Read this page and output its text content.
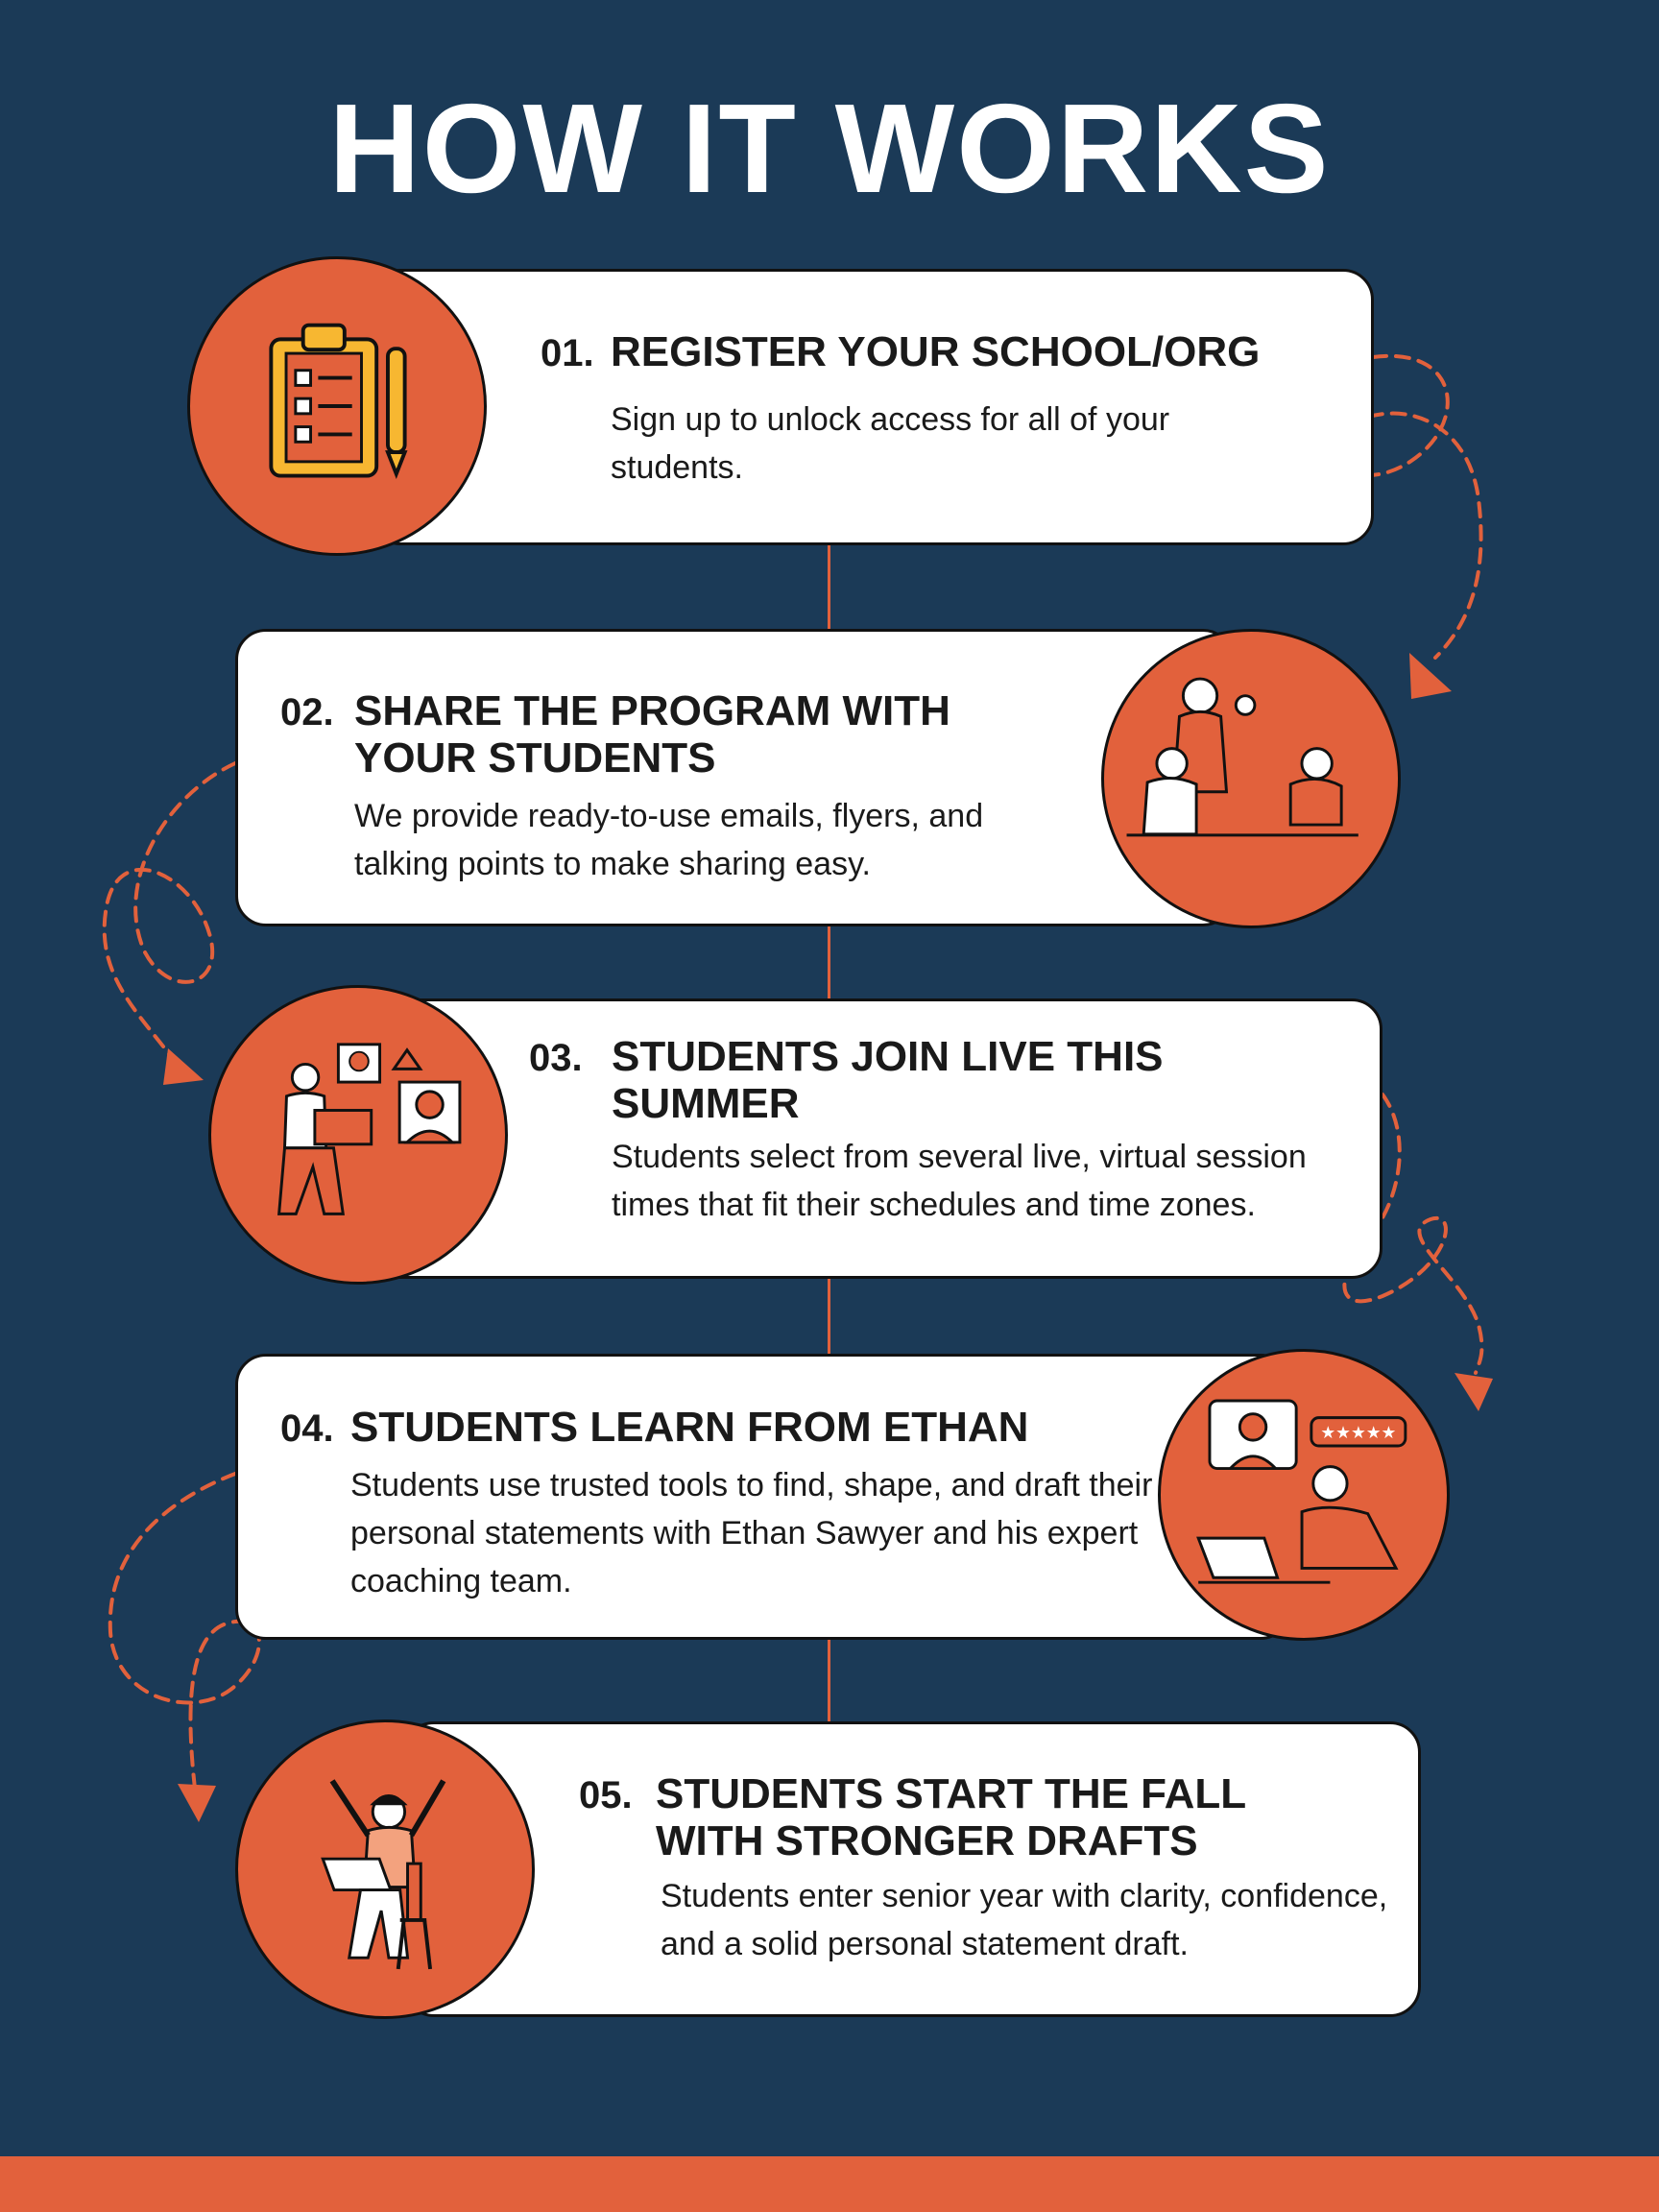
HOW IT WORKS
01. REGISTER YOUR SCHOOL/ORG
Sign up to unlock access for all of your students.
02. SHARE THE PROGRAM WITH YOUR STUDENTS
We provide ready-to-use emails, flyers, and talking points to make sharing easy.
03. STUDENTS JOIN LIVE THIS SUMMER
Students select from several live, virtual session times that fit their schedules and time zones.
★★★★★
04. STUDENTS LEARN FROM ETHAN
Students use trusted tools to find, shape, and draft their personal statements with Ethan Sawyer and his expert coaching team.
05. STUDENTS START THE FALL WITH STRONGER DRAFTS
Students enter senior year with clarity, confidence, and a solid personal statement draft.
